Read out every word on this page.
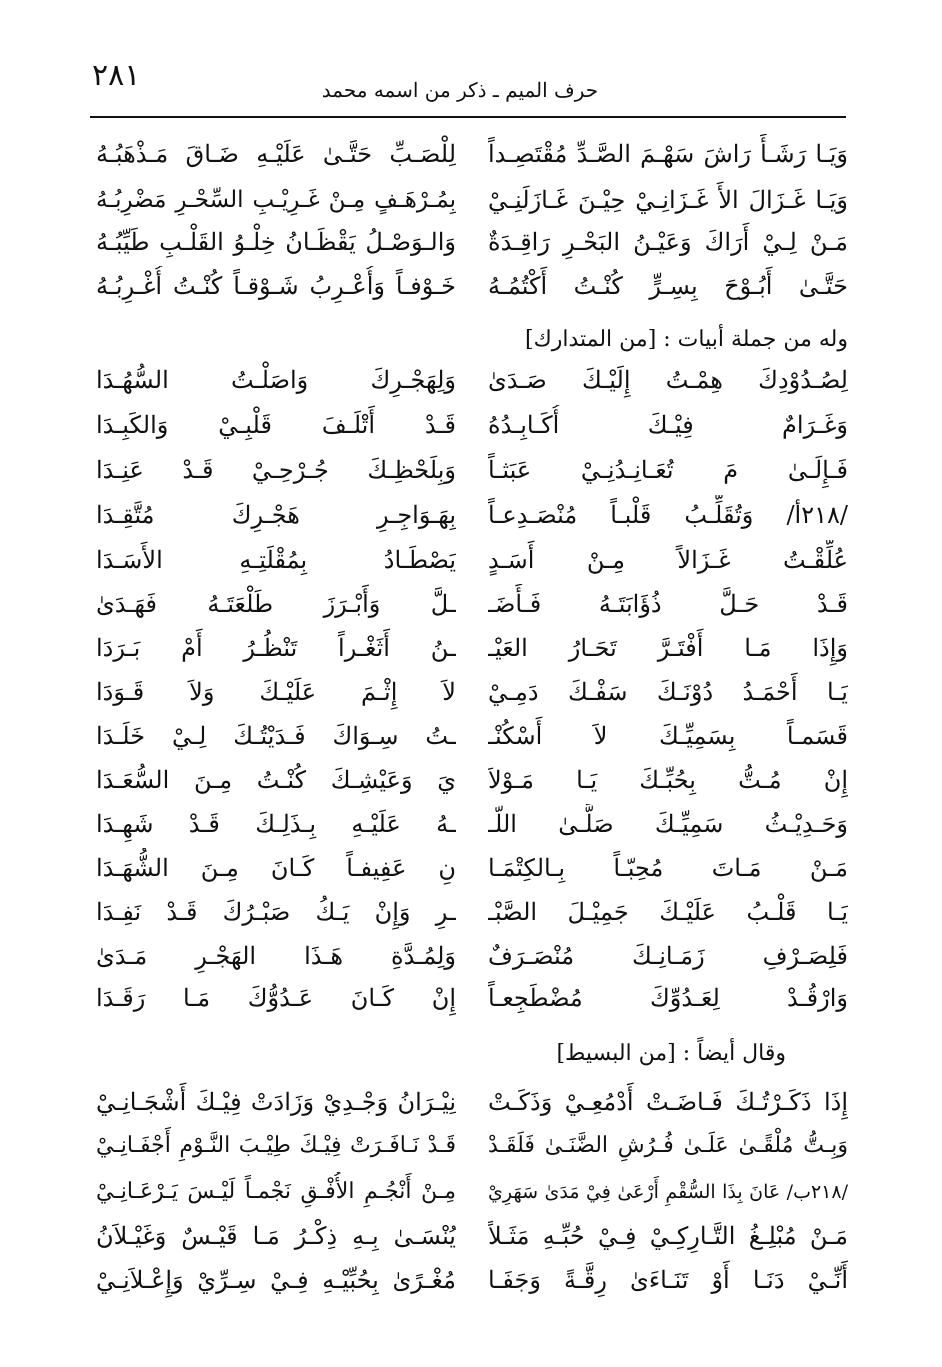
٢٨١	حرف الميم ـ ذكر من اسمه محمد
وَيَـا رَشَـأً رَاشَ سَهْـمَ الصَّـدِّ مُقْتَصِـداً
لِلْصَـبِّ حَتَّـىٰ عَلَيْـهِ ضَـاقَ مَـذْهَبُـهُ
وَيَـا غَـزَالَ الأَ غَـزَانِـيْ حِيْـنَ غَـازَلَنِـيْ
بِمُـرْهَـفٍ مِـنْ غَـرِيْـبِ السِّحْـرِ مَضْرِبُـهُ
مَـنْ لِـيْ أَرَاكَ وَعَيْـنُ البَحْـرِ رَاقِـدَةٌ
وَالـوَصْـلُ يَقْظَـانُ خِلْـوُ القَلْـبِ طَيِّبُـهُ
حَتَّـىٰ أَبُـوْحَ بِسِـرٍّ كُنْـتُ أَكْتُمُـهُ
خَـوْفـاً وَأُعْـرِبُ شَـوْقـاً كُنْـتُ أُغْـرِبُـهُ
وله من جملة أبيات : [من المتدارك]
لِصُـدُوْدِكَ هِمْـتُ إِلَيْـكَ صَـدَىٰ
وَلِهَجْـرِكَ وَاصَلْـتُ السُّهُـدَا
وَغَـرَامٌ فِيْـكَ أُكَـابِـدُهُ
قَـدْ أَتْلَـفَ قَلْبِـيْ وَالكَبِـدَا
فَـإِلَـىٰ مَ تُعَـانِـدُنِـيْ عَبَثـاً
وَبِلَحْظِـكَ جُـرْحِـيْ قَـدْ عَنِـدَا
/٢١٨أ/ وَتُقَلِّـبُ قَلْبـاً مُنْصَـدِعـاً
بِهَـوَاجِـرِ هَجْـرِكَ مُتَّقِـدَا
عُلِّقْـتُ غَـزَالاً مِـنْ أَسَـدٍ
يَصْطَـادُ بِمُقْلَتِـهِ الأَسَـدَا
قَـدْ حَـلَّ ذُؤَابَتَـهُ فَـأَضَـ
ـلَّ وَأَبْـرَزَ طَلْعَتَـهُ فَهَـدَىٰ
وَإِذَا مَـا أَفْتَـرَّ تَحَـارُ العَيْـ
ـنُ أَثَغْـراً تَنْظُـرُ أَمْ بَـرَدَا
يَـا أَحْمَـدُ دُوْنَـكَ سَفْـكَ دَمِـيْ
لاَ إِثْـمَ عَلَيْـكَ وَلاَ قَـوَدَا
قَسَمـاً بِسَمِيِّـكَ لاَ أَسْكُنْـ
ـتُ سِـوَاكَ فَـدَيْتُـكَ لِـيْ خَلَـدَا
إِنْ مُـتُّ بِحُبِّـكَ يَـا مَـوْلاَ
يَ وَعَيْشِـكَ كُنْـتُ مِـنَ السُّعَـدَا
وَحَـدِيْـثُ سَمِيِّـكَ صَلَّـىٰ اللّـ
ـهُ عَلَيْـهِ بِـذَلِـكَ قَـدْ شَهِـدَا
مَـنْ مَـاتَ مُحِبّـاً بِـالكِتْمَـا
نِ عَفِيفـاً كَـانَ مِـنَ الشُّهَـدَا
يَـا قَلْـبُ عَلَيْـكَ جَمِيْـلَ الصَّبْـ
ـرِ وَإِنْ يَـكُ صَبْـرُكَ قَـدْ نَفِـدَا
فَلِصَـرْفِ زَمَـانِـكَ مُنْصَـرَفٌ
وَلِمُـدَّةِ هَـذَا الهَجْـرِ مَـدَىٰ
وَارْقُـدْ لِعَـدُوِّكَ مُضْطَجِعـاً
إِنْ كَـانَ عَـدُوُّكَ مَـا رَقَـدَا
وقال أيضاً : [من البسيط]
إِذَا ذَكَـرْتُـكَ فَـاضَـتْ أَدْمُعِـيْ وَذَكَـتْ
نِيْـرَانُ وَجْـدِيْ وَزَادَتْ فِيْـكَ أَشْجَـانِـيْ
وَبِـتُّ مُلْقًـىٰ عَلَـىٰ فُـرُشِ الضَّنَـىٰ فَلَقَـدْ
قَـدْ نَـافَـرَتْ فِيْـكَ طِيْـبَ النَّـوْمِ أَجْفَـانِـيْ
/٢١٨ب/ عَانَ بِذَا السُّقْمِ أَرْعَىٰ فِيْ مَدَىٰ سَهَرِيْ
مِـنْ أَنْجُـمِ الأُفْـقِ نَجْمـاً لَيْـسَ يَـرْعَـانِـيْ
مَـنْ مُبْلِـغُ التَّـارِكِـيْ فِـيْ حُبِّـهِ مَثَـلاً
يُنْسَـىٰ بِـهِ ذِكْـرُ مَـا قَيْـسٌ وَغَيْـلاَنُ
أَنِّـيْ دَنَـا أَوْ تَنَـاءَىٰ رِقَّـةً وَجَفَـا
مُغْـرًىٰ بِحُبِّيْـهِ فِـيْ سِـرِّيْ وَإِعْـلاَنِـيْ
